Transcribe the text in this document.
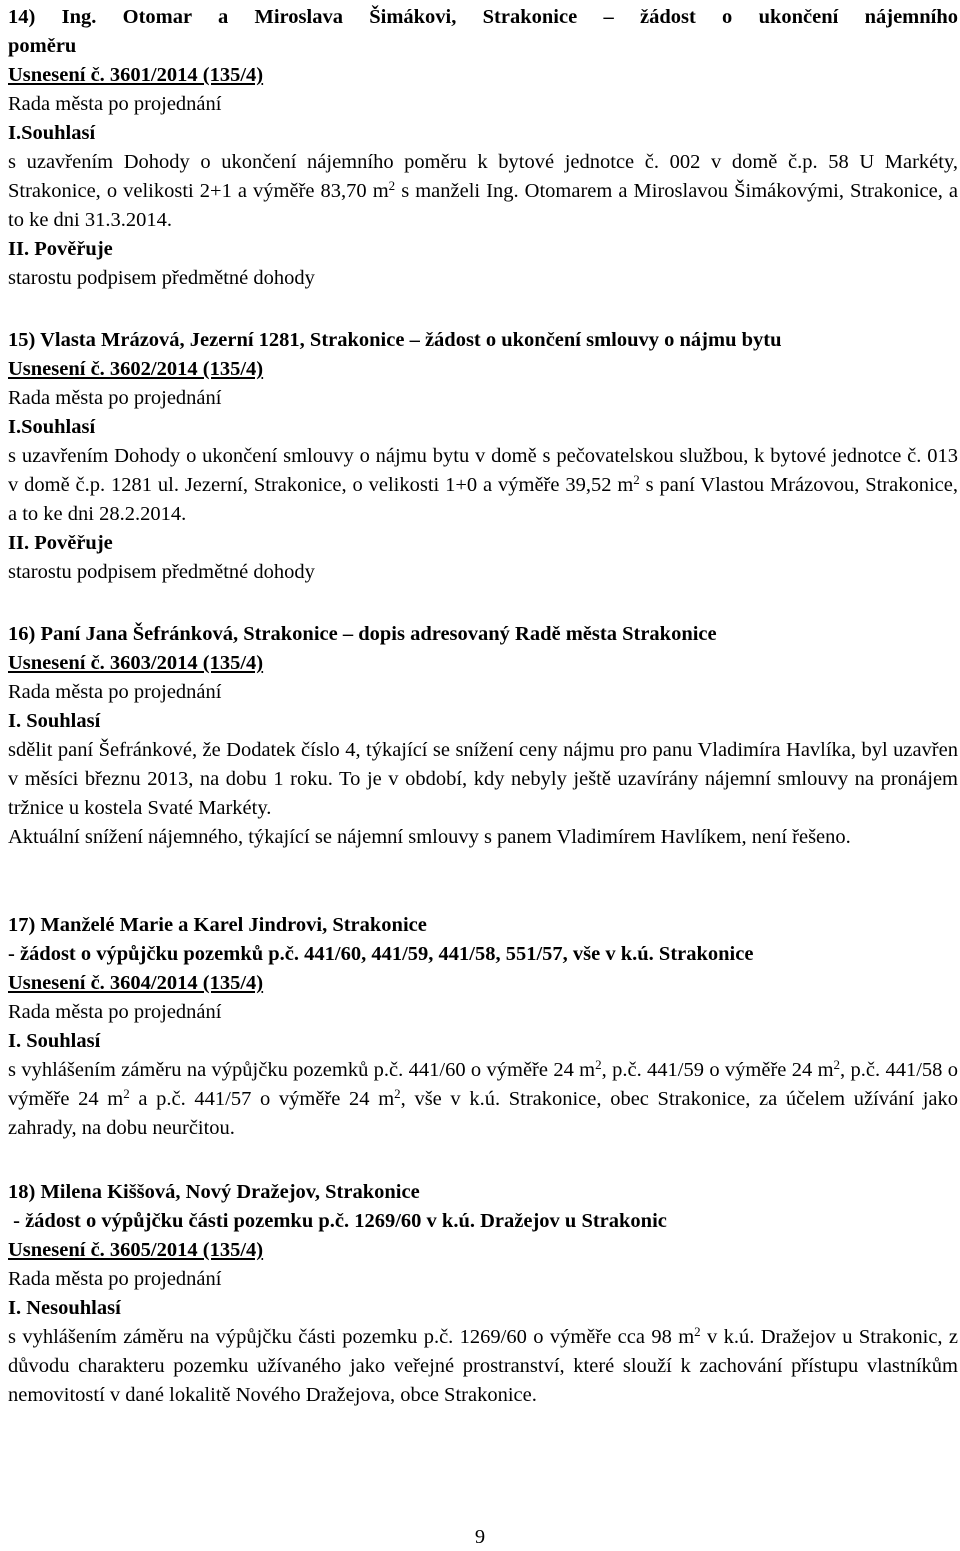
14) Ing. Otomar a Miroslava Šimákovi, Strakonice – žádost o ukončení nájemního
poměru
Usnesení č. 3601/2014 (135/4)
Rada města po projednání
I.Souhlasí
s uzavřením Dohody o ukončení nájemního poměru k bytové jednotce č. 002 v domě č.p. 58 U Markéty, Strakonice, o velikosti 2+1 a výměře 83,70 $m^2$ s manželi Ing. Otomarem a Miroslavou Šimákovými, Strakonice, a to ke dni 31.3.2014.
II. Pověřuje
starostu podpisem předmětné dohody
15) Vlasta Mrázová, Jezerní 1281, Strakonice – žádost o ukončení smlouvy o nájmu bytu
Usnesení č. 3602/2014 (135/4)
Rada města po projednání
I.Souhlasí
s uzavřením Dohody o ukončení smlouvy o nájmu bytu v domě s pečovatelskou službou, k bytové jednotce č. 013 v domě č.p. 1281 ul. Jezerní, Strakonice, o velikosti 1+0 a výměře 39,52 $m^2$ s paní Vlastou Mrázovou, Strakonice, a to ke dni 28.2.2014.
II. Pověřuje
starostu podpisem předmětné dohody
16) Paní Jana Šefránková, Strakonice – dopis adresovaný Radě města Strakonice
Usnesení č. 3603/2014 (135/4)
Rada města po projednání
I. Souhlasí
sdělit paní Šefránkové, že Dodatek číslo 4, týkající se snížení ceny nájmu pro panu Vladimíra Havlíka, byl uzavřen v měsíci březnu 2013, na dobu 1 roku. To je v období, kdy nebyly ještě uzavírány nájemní smlouvy na pronájem tržnice u kostela Svaté Markéty.
Aktuální snížení nájemného, týkající se nájemní smlouvy s panem Vladimírem Havlíkem, není řešeno.
17) Manželé Marie a Karel Jindrovi, Strakonice
- žádost o výpůjčku pozemků p.č. 441/60, 441/59, 441/58, 551/57, vše v k.ú. Strakonice
Usnesení č. 3604/2014 (135/4)
Rada města po projednání
I. Souhlasí
s vyhlášením záměru na výpůjčku pozemků p.č. 441/60 o výměře 24 $m^2$, p.č. 441/59 o výměře 24 $m^2$, p.č. 441/58 o výměře 24 $m^2$ a p.č. 441/57 o výměře 24 $m^2$, vše v k.ú. Strakonice, obec Strakonice, za účelem užívání jako zahrady, na dobu neurčitou.
18) Milena Kiššová, Nový Dražejov, Strakonice
- žádost o výpůjčku části pozemku p.č. 1269/60 v k.ú. Dražejov u Strakonic
Usnesení č. 3605/2014 (135/4)
Rada města po projednání
I. Nesouhlasí
s vyhlášením záměru na výpůjčku části pozemku p.č. 1269/60 o výměře cca 98 $m^2$ v k.ú. Dražejov u Strakonic, z důvodu charakteru pozemku užívaného jako veřejné prostranství, které slouží k zachování přístupu vlastníkům nemovitostí v dané lokalitě Nového Dražejova, obce Strakonice.
9
